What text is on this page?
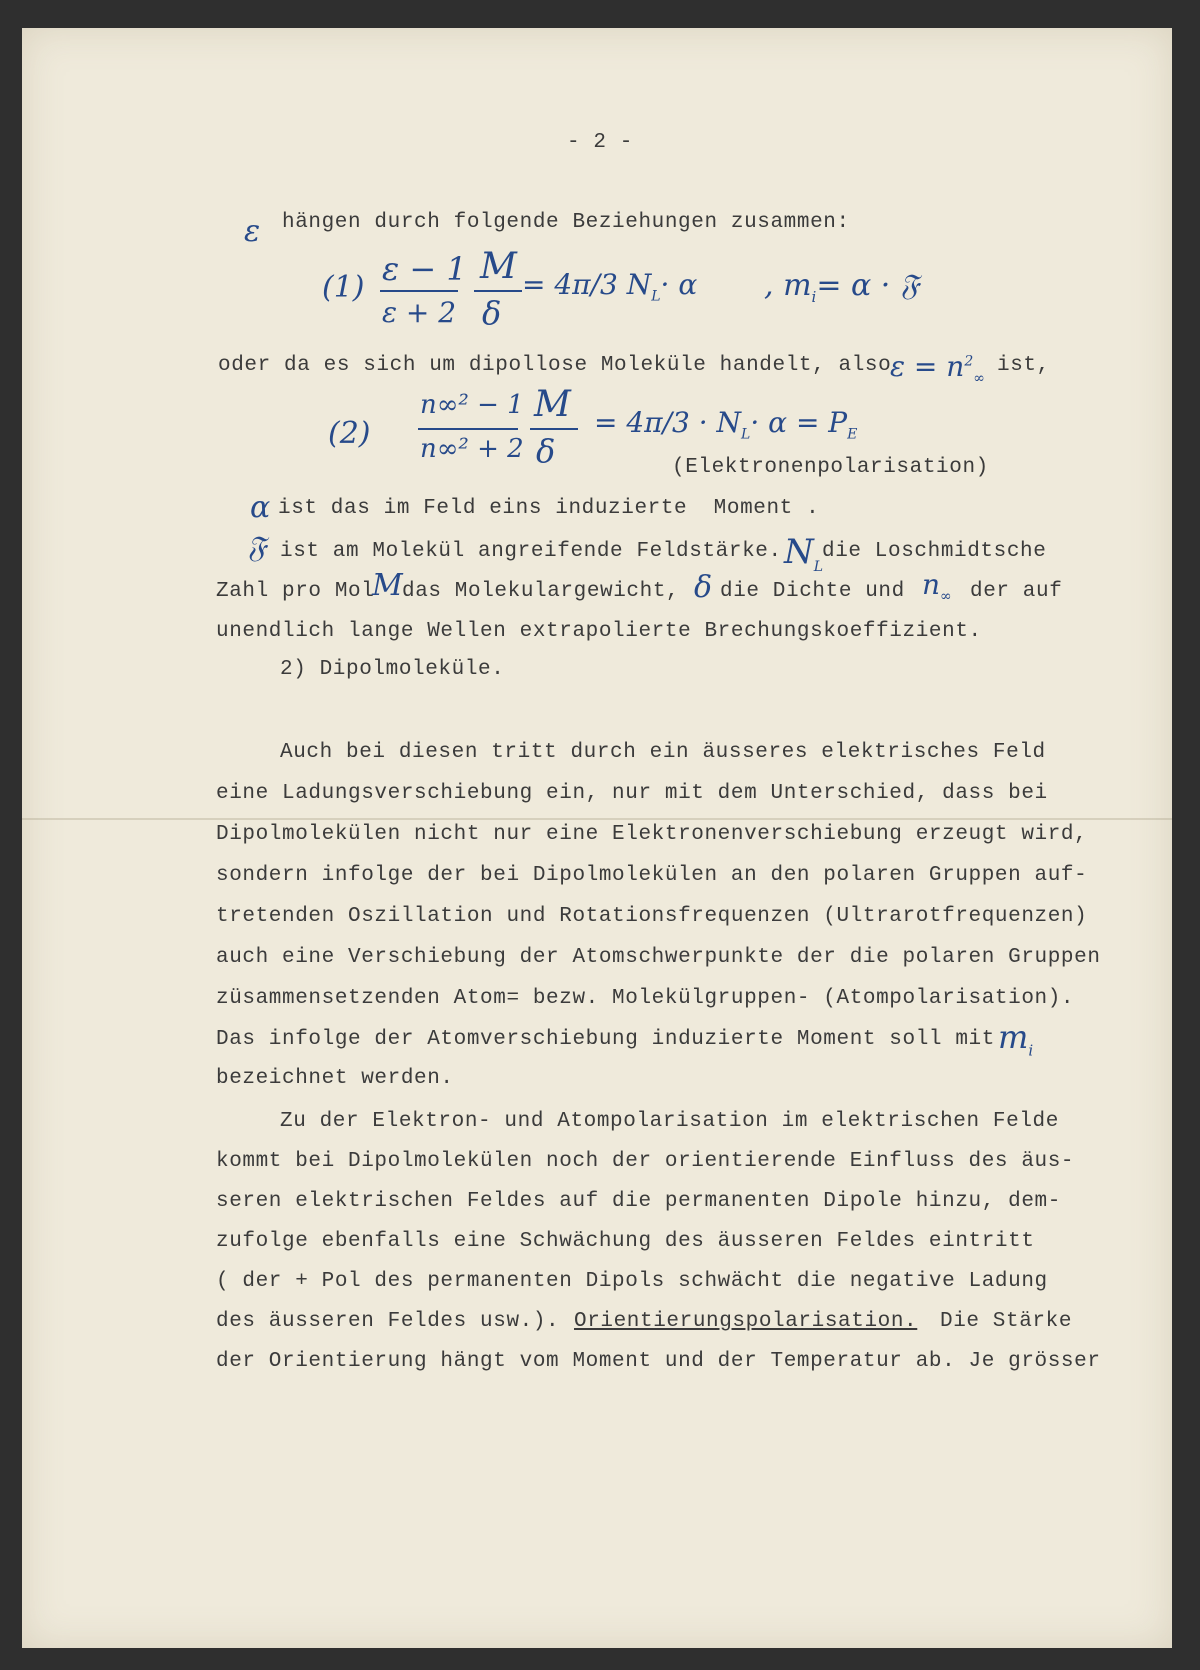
- 2 -
ε hängen durch folgende Beziehungen zusammen:
(1) ε − 1
ε + 2
M
δ
= 4π/3 $N_L\cdot \alpha$ , $m_i= \alpha$ · 𝔉
oder da es sich um dipollose Moleküle handelt, also
$\varepsilon = n^2_\infty$
ist,
(2)
n∞² − 1
n∞² + 2
M
δ
= $4\pi/3 \cdot N_L\cdot \alpha = P_E$
(Elektronenpolarisation)
α ist das im Feld eins induzierte  Moment .
𝔉 ist am Molekül angreifende Feldstärke. $N_L$
die Loschmidtsche
Zahl pro Mol
M das Molekulargewicht, δ die Dichte und $n_\infty$ der auf
unendlich lange Wellen extrapolierte Brechungskoeffizient.
2) Dipolmoleküle.
Auch bei diesen tritt durch ein äusseres elektrisches Feld
eine Ladungsverschiebung ein, nur mit dem Unterschied, dass bei
Dipolmolekülen nicht nur eine Elektronenverschiebung erzeugt wird,
sondern infolge der bei Dipolmolekülen an den polaren Gruppen auf-
tretenden Oszillation und Rotationsfrequenzen (Ultrarotfrequenzen)
auch eine Verschiebung der Atomschwerpunkte der die polaren Gruppen
züsammensetzenden Atom= bezw. Molekülgruppen- (Atompolarisation).
Das infolge der Atomverschiebung induzierte Moment soll mit $m_i$
bezeichnet werden.
Zu der Elektron- und Atompolarisation im elektrischen Felde
kommt bei Dipolmolekülen noch der orientierende Einfluss des äus-
seren elektrischen Feldes auf die permanenten Dipole hinzu, dem-
zufolge ebenfalls eine Schwächung des äusseren Feldes eintritt
( der + Pol des permanenten Dipols schwächt die negative Ladung
des äusseren Feldes usw.). Orientierungspolarisation. Die Stärke
der Orientierung hängt vom Moment und der Temperatur ab. Je grösser
